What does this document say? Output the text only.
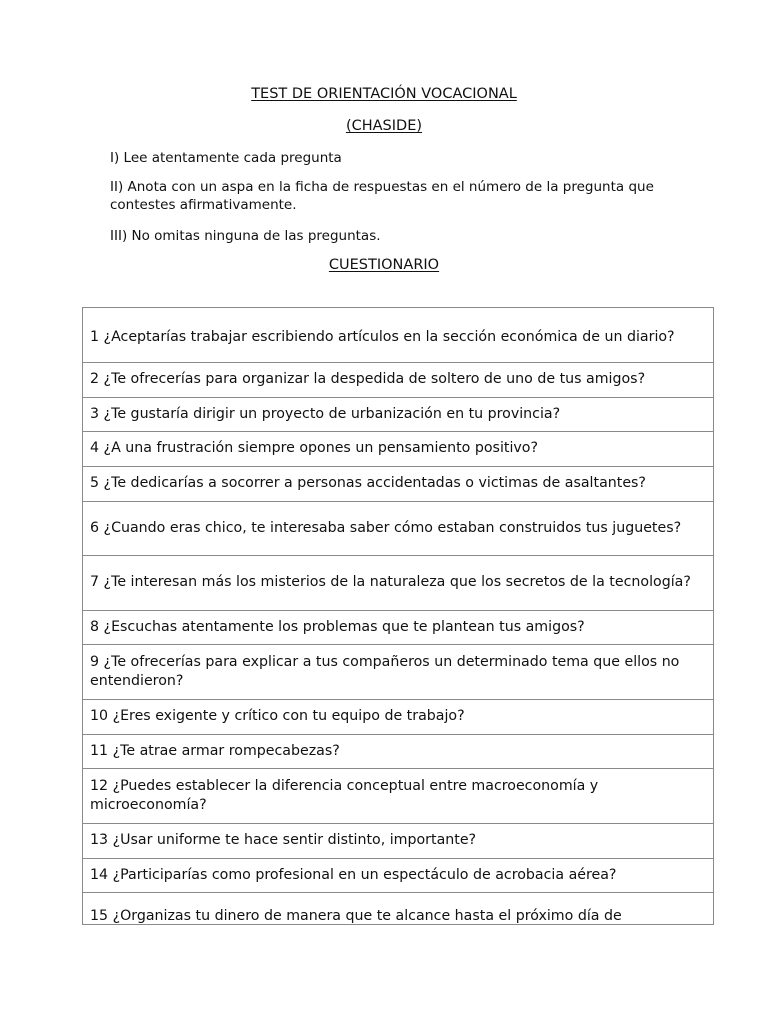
TEST DE ORIENTACIÓN VOCACIONAL
(CHASIDE)
I) Lee atentamente cada pregunta
II) Anota con un aspa en la ficha de respuestas en el número de la pregunta que contestes afirmativamente.
III) No omitas ninguna de las preguntas.
CUESTIONARIO
1 ¿Aceptarías trabajar escribiendo artículos en la sección económica de un diario?
2 ¿Te ofrecerías para organizar la despedida de soltero de uno de tus amigos?
3 ¿Te gustaría dirigir un proyecto de urbanización en tu provincia?
4 ¿A una frustración siempre opones un pensamiento positivo?
5 ¿Te dedicarías a socorrer a personas accidentadas o victimas de asaltantes?
6 ¿Cuando eras chico, te interesaba saber cómo estaban construidos tus juguetes?
7 ¿Te interesan más los misterios de la naturaleza que los secretos de la tecnología?
8 ¿Escuchas atentamente los problemas que te plantean tus amigos?
9 ¿Te ofrecerías para explicar a tus compañeros un determinado tema que ellos no entendieron?
10 ¿Eres exigente y crítico con tu equipo de trabajo?
11 ¿Te atrae armar rompecabezas?
12 ¿Puedes establecer la diferencia conceptual entre macroeconomía y microeconomía?
13 ¿Usar uniforme te hace sentir distinto, importante?
14 ¿Participarías como profesional en un espectáculo de acrobacia aérea?
15 ¿Organizas tu dinero de manera que te alcance hasta el próximo día de
